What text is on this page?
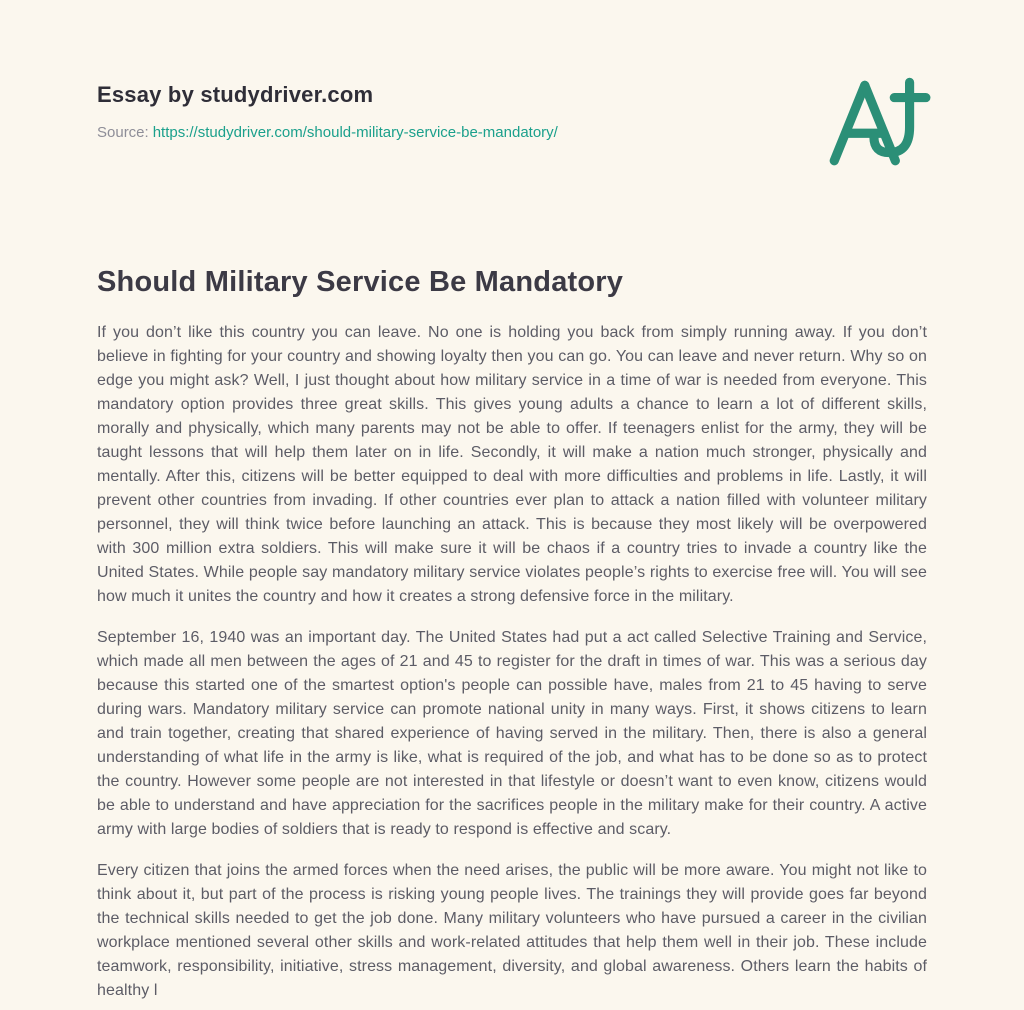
Essay by studydriver.com
Source: https://studydriver.com/should-military-service-be-mandatory/
Should Military Service Be Mandatory

If you don’t like this country you can leave. No one is holding you back from simply running away. If you don’t believe in fighting for your country and showing loyalty then you can go. You can leave and never return. Why so on edge you might ask? Well, I just thought about how military service in a time of war is needed from everyone. This mandatory option provides three great skills. This gives young adults a chance to learn a lot of different skills, morally and physically, which many parents may not be able to offer. If teenagers enlist for the army, they will be taught lessons that will help them later on in life. Secondly, it will make a nation much stronger, physically and mentally. After this, citizens will be better equipped to deal with more difficulties and problems in life. Lastly, it will prevent other countries from invading. If other countries ever plan to attack a nation filled with volunteer military personnel, they will think twice before launching an attack. This is because they most likely will be overpowered with 300 million extra soldiers. This will make sure it will be chaos if a country tries to invade a country like the United States. While people say mandatory military service violates people’s rights to exercise free will. You will see how much it unites the country and how it creates a strong defensive force in the military.

September 16, 1940 was an important day. The United States had put a act called Selective Training and Service, which made all men between the ages of 21 and 45 to register for the draft in times of war. This was a serious day because this started one of the smartest option's people can possible have, males from 21 to 45 having to serve during wars. Mandatory military service can promote national unity in many ways. First, it shows citizens to learn and train together, creating that shared experience of having served in the military. Then, there is also a general understanding of what life in the army is like, what is required of the job, and what has to be done so as to protect the country. However some people are not interested in that lifestyle or doesn’t want to even know, citizens would be able to understand and have appreciation for the sacrifices people in the military make for their country. A active army with large bodies of soldiers that is ready to respond is effective and scary.

Every citizen that joins the armed forces when the need arises, the public will be more aware. You might not like to think about it, but part of the process is risking young people lives. The trainings they will provide goes far beyond the technical skills needed to get the job done. Many military volunteers who have pursued a career in the civilian workplace mentioned several other skills and work-related attitudes that help them well in their job. These include teamwork, responsibility, initiative, stress management, diversity, and global awareness. Others learn the habits of healthy l
